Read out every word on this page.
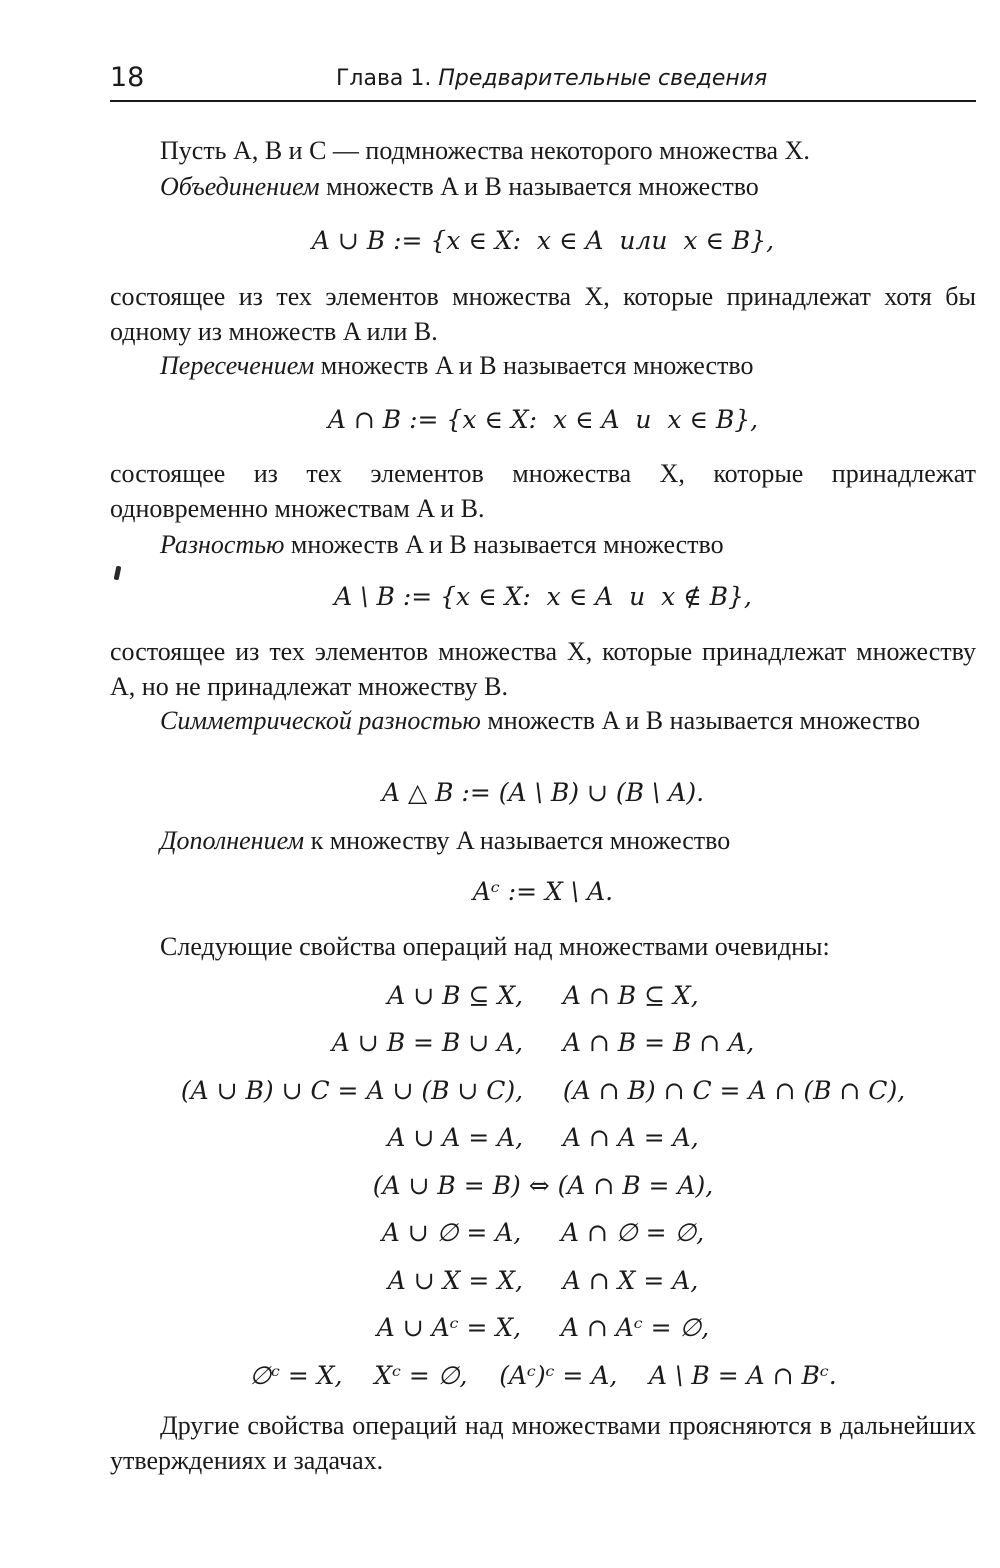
18	Глава 1. Предварительные сведения
Пусть A, B и C — подмножества некоторого множества X.
Объединением множеств A и B называется множество
A ∪ B := {x ∈ X:  x ∈ A  или  x ∈ B},
состоящее из тех элементов множества X, которые принадлежат хотя бы одному из множеств A или B.
Пересечением множеств A и B называется множество
A ∩ B := {x ∈ X:  x ∈ A  и  x ∈ B},
состоящее из тех элементов множества X, которые принадлежат одновременно множествам A и B.
Разностью множеств A и B называется множество
A \ B := {x ∈ X:  x ∈ A  и  x ∉ B},
состоящее из тех элементов множества X, которые принадлежат множеству A, но не принадлежат множеству B.
Симметрической разностью множеств A и B называется множество
A △ B := (A \ B) ∪ (B \ A).
Дополнением к множеству A называется множество
Aᶜ := X \ A.
Следующие свойства операций над множествами очевидны:
A ∪ B ⊆ X,     A ∩ B ⊆ X,
A ∪ B = B ∪ A,     A ∩ B = B ∩ A,
(A ∪ B) ∪ C = A ∪ (B ∪ C),     (A ∩ B) ∩ C = A ∩ (B ∩ C),
A ∪ A = A,     A ∩ A = A,
(A ∪ B = B) ⇔ (A ∩ B = A),
A ∪ ∅ = A,     A ∩ ∅ = ∅,
A ∪ X = X,     A ∩ X = A,
A ∪ Aᶜ = X,     A ∩ Aᶜ = ∅,
∅ᶜ = X,    Xᶜ = ∅,    (Aᶜ)ᶜ = A,    A \ B = A ∩ Bᶜ.
Другие свойства операций над множествами проясняются в дальнейших утверждениях и задачах.
